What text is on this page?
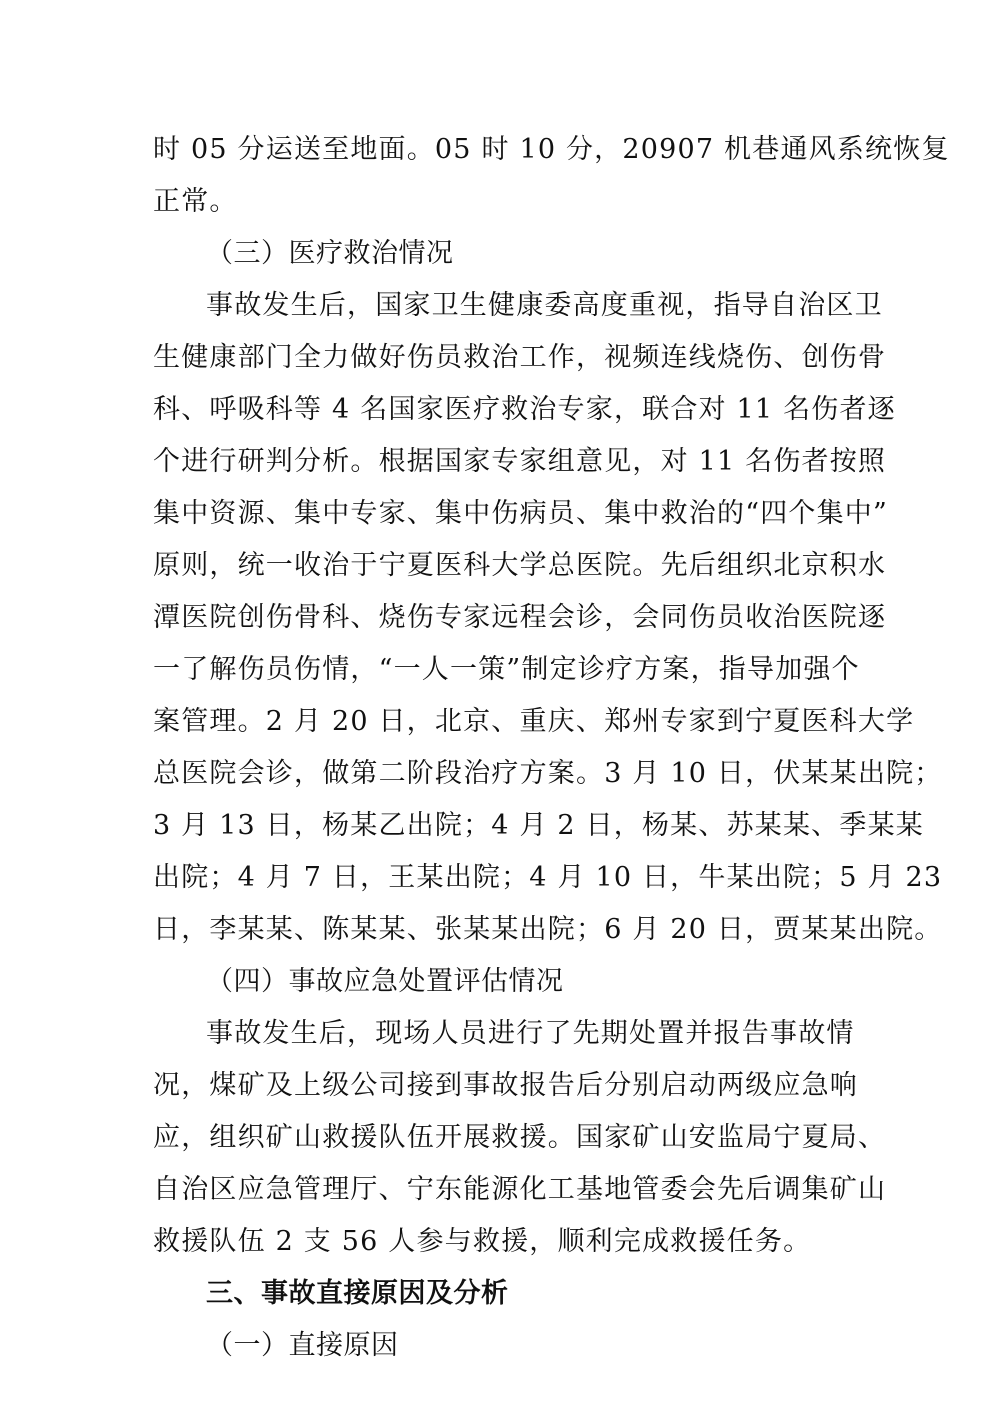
时 05 分运送至地面。05 时 10 分，20907 机巷通风系统恢复

正常。

（三）医疗救治情况

事故发生后，国家卫生健康委高度重视，指导自治区卫

生健康部门全力做好伤员救治工作，视频连线烧伤、创伤骨

科、呼吸科等 4 名国家医疗救治专家，联合对 11 名伤者逐

个进行研判分析。根据国家专家组意见，对 11 名伤者按照

集中资源、集中专家、集中伤病员、集中救治的“四个集中”

原则，统一收治于宁夏医科大学总医院。先后组织北京积水

潭医院创伤骨科、烧伤专家远程会诊，会同伤员收治医院逐

一了解伤员伤情，“一人一策”制定诊疗方案，指导加强个

案管理。2 月 20 日，北京、重庆、郑州专家到宁夏医科大学

总医院会诊，做第二阶段治疗方案。3 月 10 日，伏某某出院；

3 月 13 日，杨某乙出院；4 月 2 日，杨某、苏某某、季某某

出院；4 月 7 日，王某出院；4 月 10 日，牛某出院；5 月 23

日，李某某、陈某某、张某某出院；6 月 20 日，贾某某出院。

（四）事故应急处置评估情况

事故发生后，现场人员进行了先期处置并报告事故情

况，煤矿及上级公司接到事故报告后分别启动两级应急响

应，组织矿山救援队伍开展救援。国家矿山安监局宁夏局、

自治区应急管理厅、宁东能源化工基地管委会先后调集矿山

救援队伍 2 支 56 人参与救援，顺利完成救援任务。

三、事故直接原因及分析

（一）直接原因
